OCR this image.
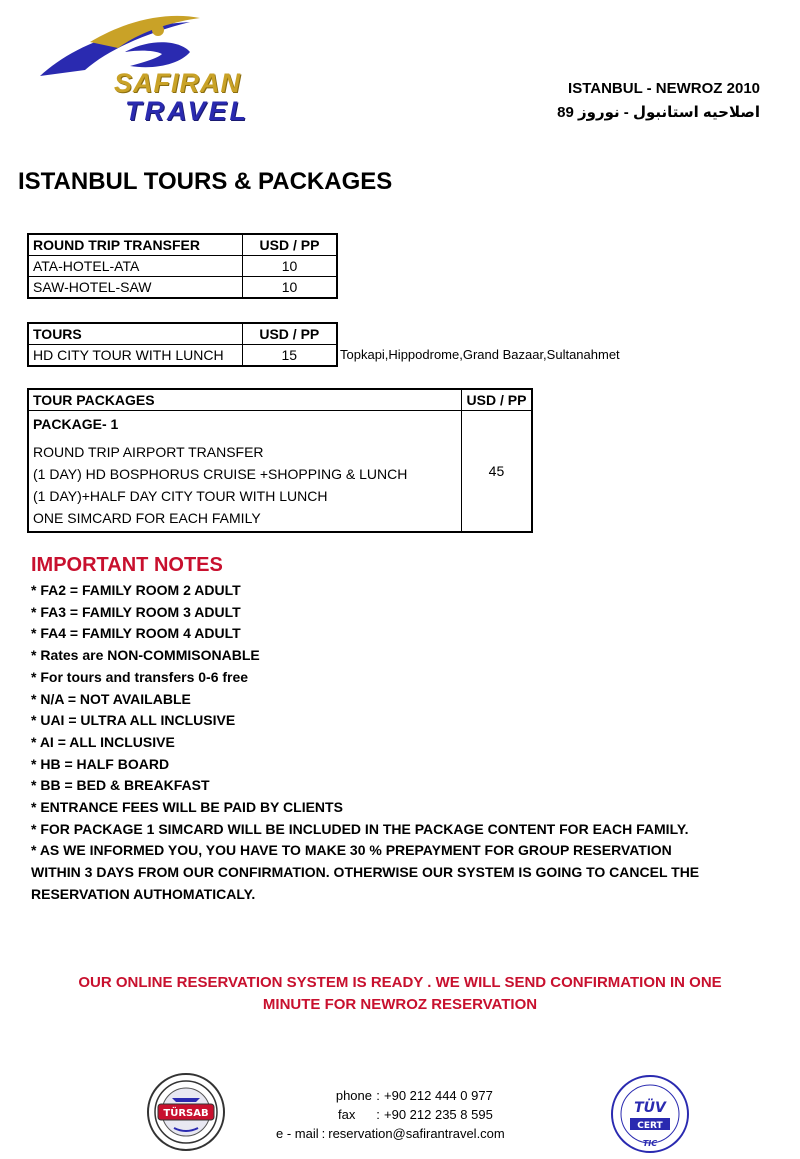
SAFIRAN
TRAVEL
ISTANBUL - NEWROZ 2010
اصلاحیه استانبول - نوروز 89
ISTANBUL TOURS & PACKAGES
ROUND TRIP TRANSFER	USD / PP
ATA-HOTEL-ATA	10
SAW-HOTEL-SAW	10
TOURS	USD / PP
HD CITY TOUR WITH LUNCH	15	Topkapi,Hippodrome,Grand Bazaar,Sultanahmet
TOUR PACKAGES	USD / PP

PACKAGE- 1
ROUND TRIP AIRPORT TRANSFER
(1 DAY) HD BOSPHORUS CRUISE +SHOPPING & LUNCH
(1 DAY)+HALF DAY CITY TOUR WITH LUNCH
ONE SIMCARD FOR EACH FAMILY	45
IMPORTANT NOTES
* FA2 = FAMILY ROOM 2 ADULT
* FA3 = FAMILY ROOM 3 ADULT
* FA4 = FAMILY ROOM 4 ADULT
* Rates are NON-COMMISONABLE
* For tours and transfers 0-6 free
* N/A = NOT AVAILABLE
* UAI = ULTRA ALL INCLUSIVE
* AI = ALL INCLUSIVE
* HB = HALF BOARD
* BB = BED & BREAKFAST
* ENTRANCE FEES WILL BE PAID BY CLIENTS
* FOR PACKAGE 1 SIMCARD WILL BE INCLUDED IN THE PACKAGE CONTENT FOR EACH FAMILY.
* AS WE INFORMED YOU, YOU HAVE TO MAKE 30 % PREPAYMENT FOR GROUP RESERVATION
WITHIN 3 DAYS FROM OUR CONFIRMATION. OTHERWISE OUR SYSTEM IS GOING TO CANCEL THE
RESERVATION AUTHOMATICALY.
OUR ONLINE RESERVATION SYSTEM IS READY . WE WILL SEND CONFIRMATION IN ONE
MINUTE FOR NEWROZ RESERVATION
TÜRSAB
phone : +90 212 444 0 977
fax	: +90 212 235 8 595
e - mail : reservation@safirantravel.com
TÜV
CERT
TIC
